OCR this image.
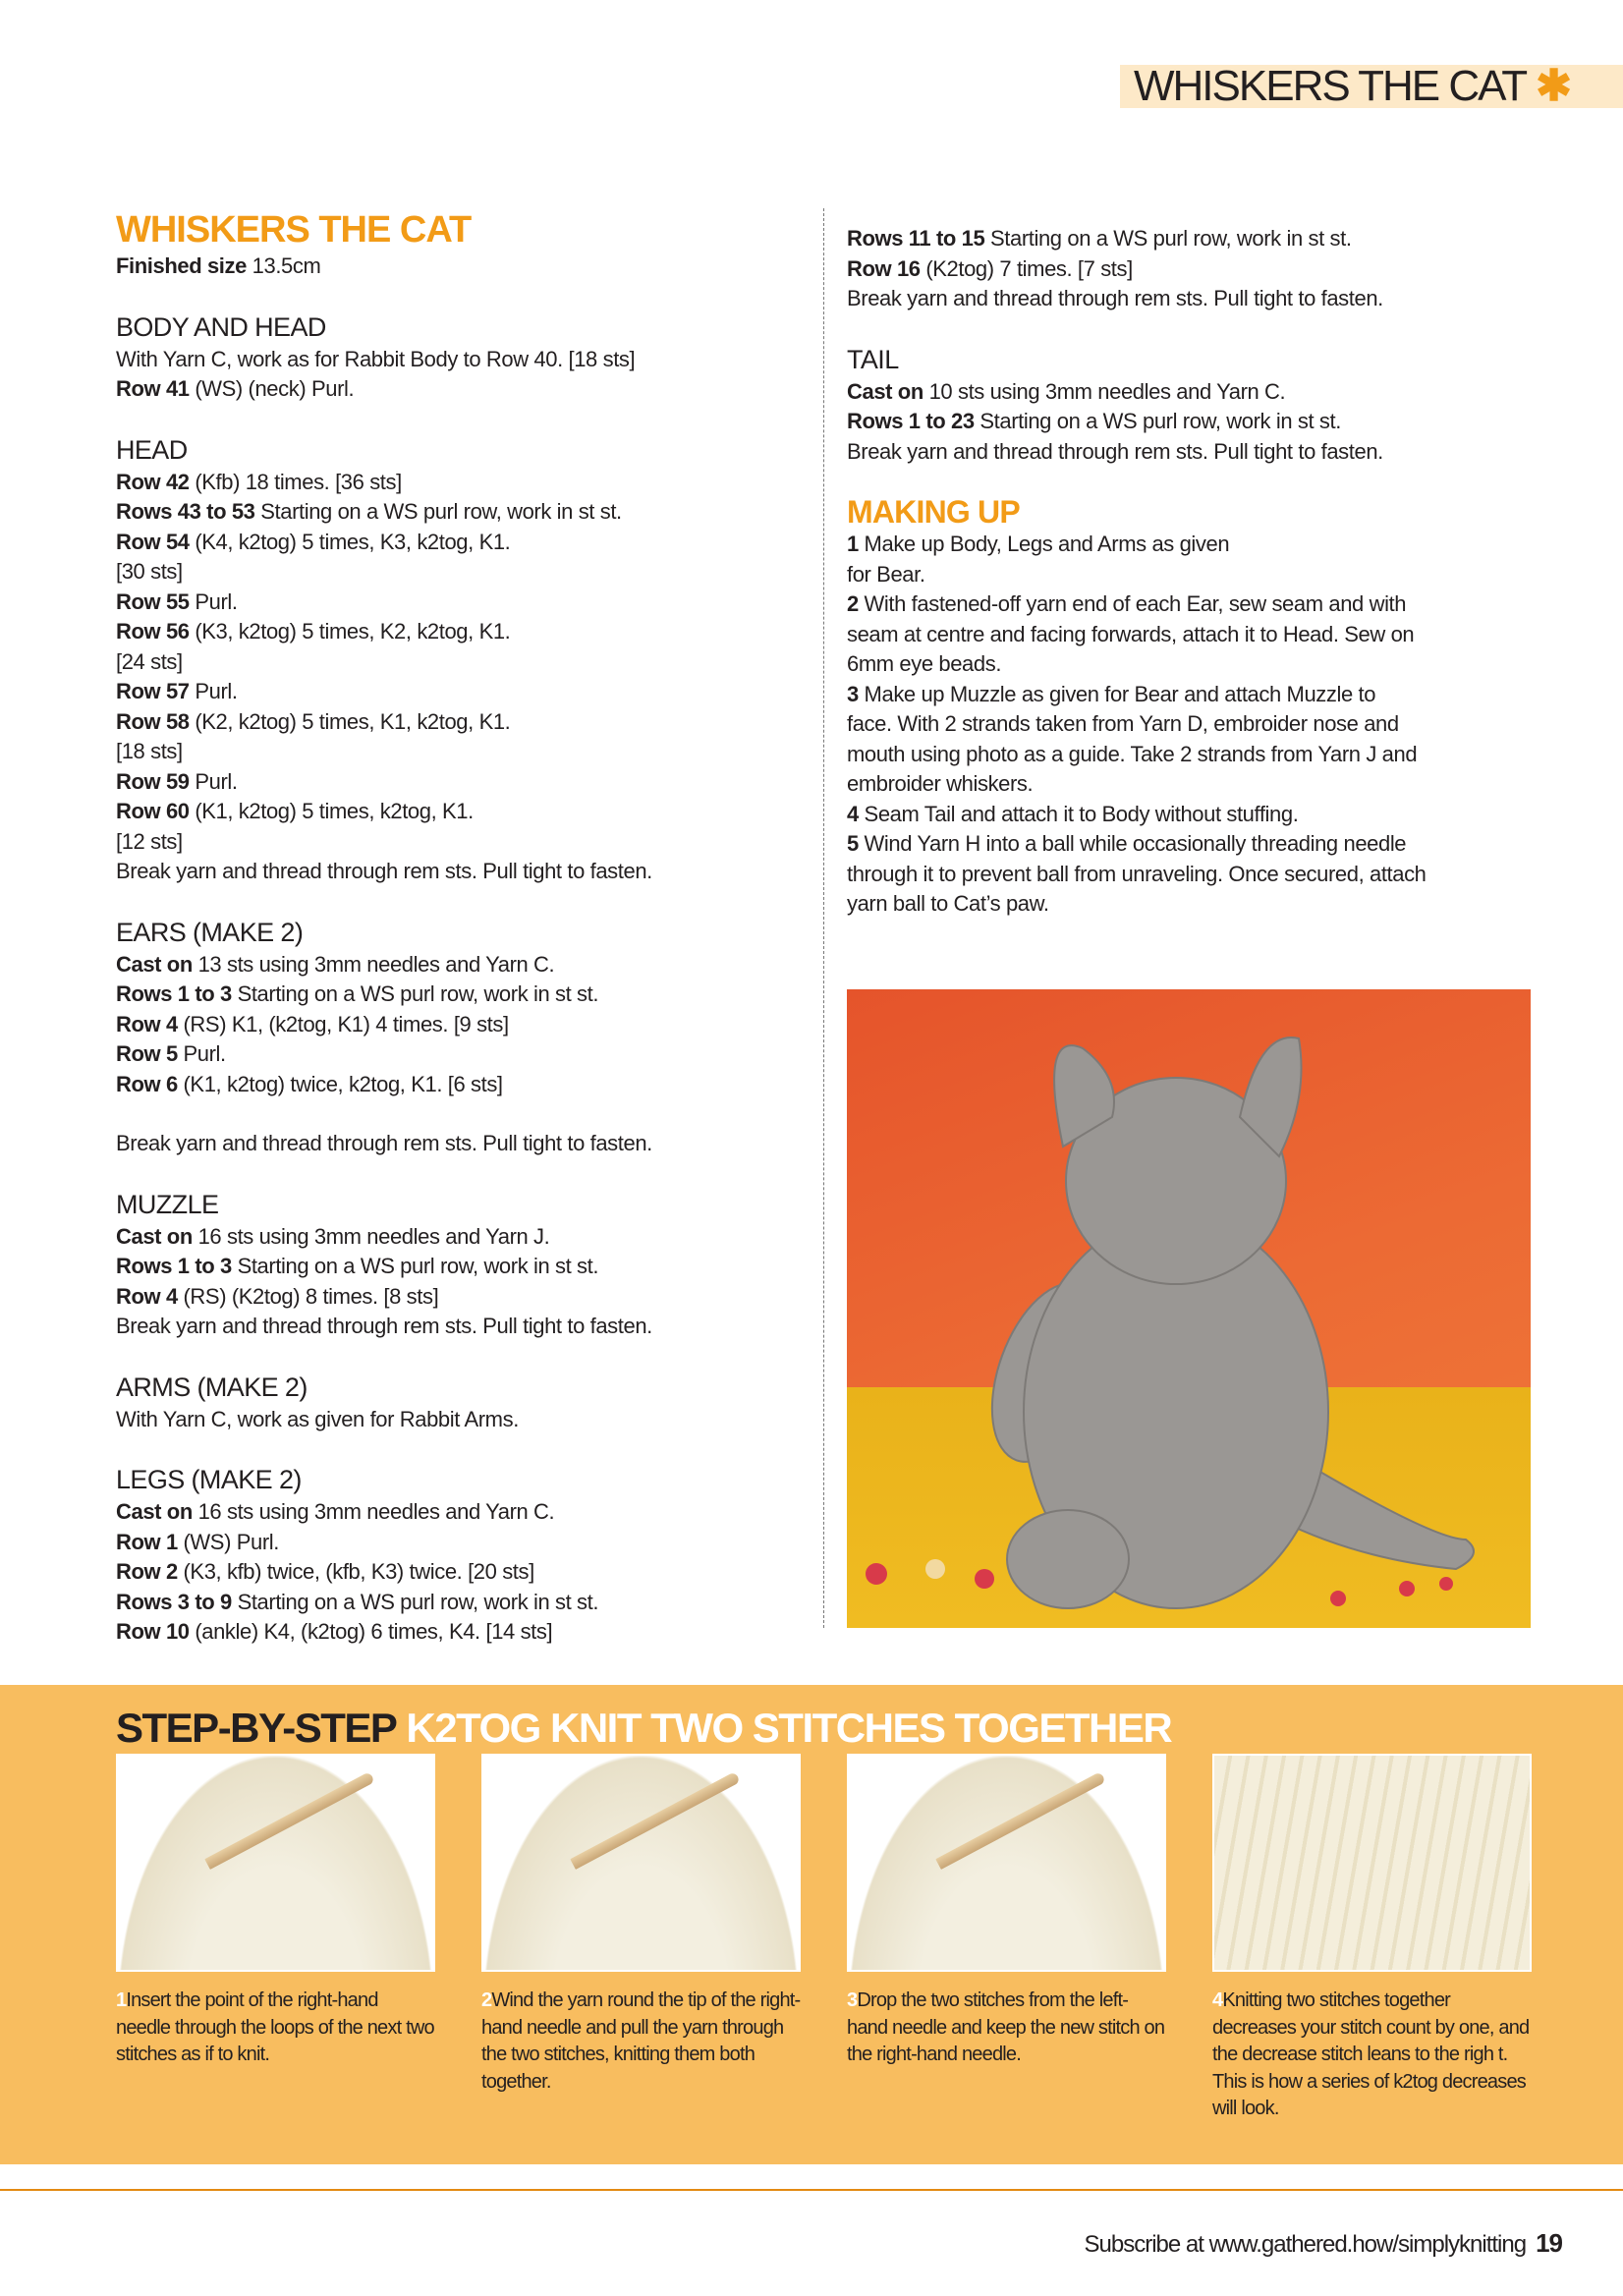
WHISKERS THE CAT ✱
WHISKERS THE CAT
Finished size 13.5cm
BODY AND HEAD
With Yarn C, work as for Rabbit Body to Row 40. [18 sts]
Row 41 (WS) (neck) Purl.
HEAD
Row 42 (Kfb) 18 times. [36 sts]
Rows 43 to 53 Starting on a WS purl row, work in st st.
Row 54 (K4, k2tog) 5 times, K3, k2tog, K1.
[30 sts]
Row 55 Purl.
Row 56 (K3, k2tog) 5 times, K2, k2tog, K1.
[24 sts]
Row 57 Purl.
Row 58 (K2, k2tog) 5 times, K1, k2tog, K1.
[18 sts]
Row 59 Purl.
Row 60 (K1, k2tog) 5 times, k2tog, K1.
[12 sts]
Break yarn and thread through rem sts. Pull tight to fasten.
EARS (MAKE 2)
Cast on 13 sts using 3mm needles and Yarn C.
Rows 1 to 3 Starting on a WS purl row, work in st st.
Row 4 (RS) K1, (k2tog, K1) 4 times. [9 sts]
Row 5 Purl.
Row 6 (K1, k2tog) twice, k2tog, K1. [6 sts]
Break yarn and thread through rem sts. Pull tight to fasten.
MUZZLE
Cast on 16 sts using 3mm needles and Yarn J.
Rows 1 to 3 Starting on a WS purl row, work in st st.
Row 4 (RS) (K2tog) 8 times. [8 sts]
Break yarn and thread through rem sts. Pull tight to fasten.
ARMS (MAKE 2)
With Yarn C, work as given for Rabbit Arms.
LEGS (MAKE 2)
Cast on 16 sts using 3mm needles and Yarn C.
Row 1 (WS) Purl.
Row 2 (K3, kfb) twice, (kfb, K3) twice. [20 sts]
Rows 3 to 9 Starting on a WS purl row, work in st st.
Row 10 (ankle) K4, (k2tog) 6 times, K4. [14 sts]
Rows 11 to 15 Starting on a WS purl row, work in st st.
Row 16 (K2tog) 7 times. [7 sts]
Break yarn and thread through rem sts. Pull tight to fasten.
TAIL
Cast on 10 sts using 3mm needles and Yarn C.
Rows 1 to 23 Starting on a WS purl row, work in st st.
Break yarn and thread through rem sts. Pull tight to fasten.
MAKING UP
1 Make up Body, Legs and Arms as given
for Bear.
2 With fastened-off yarn end of each Ear, sew seam and with
seam at centre and facing forwards, attach it to Head. Sew on
6mm eye beads.
3 Make up Muzzle as given for Bear and attach Muzzle to
face. With 2 strands taken from Yarn D, embroider nose and
mouth using photo as a guide. Take 2 strands from Yarn J and
embroider whiskers.
4 Seam Tail and attach it to Body without stuffing.
5 Wind Yarn H into a ball while occasionally threading needle
through it to prevent ball from unraveling. Once secured, attach
yarn ball to Cat’s paw.
STEP-BY-STEP K2TOG KNIT TWO STITCHES TOGETHER
1Insert the point of the right-hand needle through the loops of the next two stitches as if to knit.
2Wind the yarn round the tip of the right-hand needle and pull the yarn through the two stitches, knitting them both together.
3Drop the two stitches from the left-hand needle and keep the new stitch on the right-hand needle.
4Knitting two stitches together decreases your stitch count by one, and the decrease stitch leans to the righ t. This is how a series of k2tog decreases will look.
Subscribe at www.gathered.how/simplyknitting 19
